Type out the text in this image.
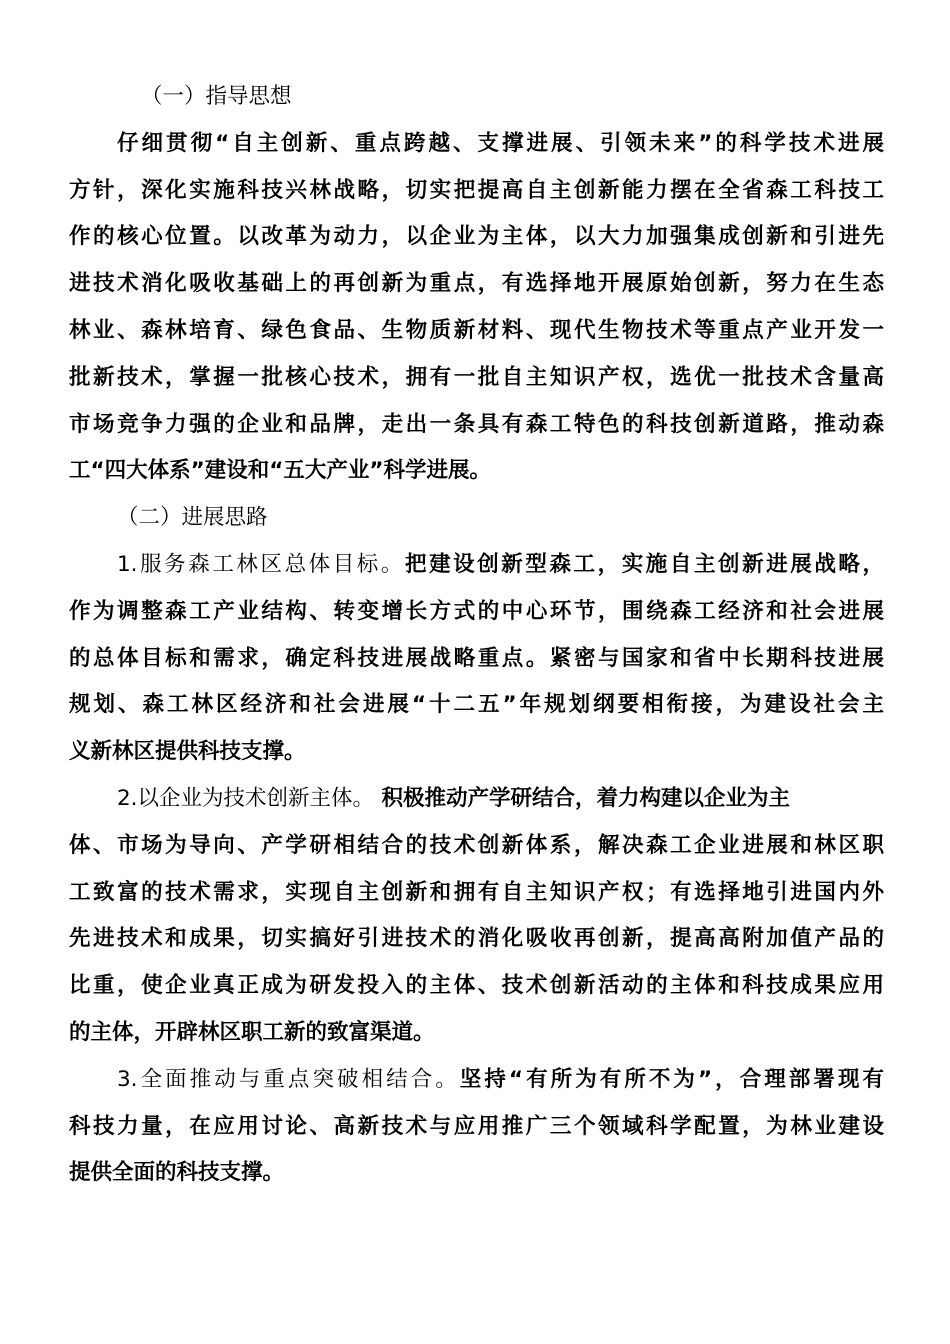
（一）指导思想
仔细贯彻“自主创新、重点跨越、支撑进展、引领未来”的科学技术进展
方针，深化实施科技兴林战略，切实把提高自主创新能力摆在全省森工科技工
作的核心位置。以改革为动力，以企业为主体，以大力加强集成创新和引进先
进技术消化吸收基础上的再创新为重点，有选择地开展原始创新，努力在生态
林业、森林培育、绿色食品、生物质新材料、现代生物技术等重点产业开发一
批新技术，掌握一批核心技术，拥有一批自主知识产权，选优一批技术含量高
市场竞争力强的企业和品牌，走出一条具有森工特色的科技创新道路，推动森
工“四大体系”建设和“五大产业”科学进展。
（二）进展思路
1.服务森工林区总体目标。把建设创新型森工，实施自主创新进展战略，
作为调整森工产业结构、转变增长方式的中心环节，围绕森工经济和社会进展
的总体目标和需求，确定科技进展战略重点。紧密与国家和省中长期科技进展
规划、森工林区经济和社会进展“十二五”年规划纲要相衔接，为建设社会主
义新林区提供科技支撑。
2.以企业为技术创新主体。 积极推动产学研结合，着力构建以企业为主
体、市场为导向、产学研相结合的技术创新体系，解决森工企业进展和林区职
工致富的技术需求，实现自主创新和拥有自主知识产权；有选择地引进国内外
先进技术和成果，切实搞好引进技术的消化吸收再创新，提高高附加值产品的
比重，使企业真正成为研发投入的主体、技术创新活动的主体和科技成果应用
的主体，开辟林区职工新的致富渠道。
3.全面推动与重点突破相结合。坚持“有所为有所不为”，合理部署现有
科技力量，在应用讨论、高新技术与应用推广三个领域科学配置，为林业建设
提供全面的科技支撑。
